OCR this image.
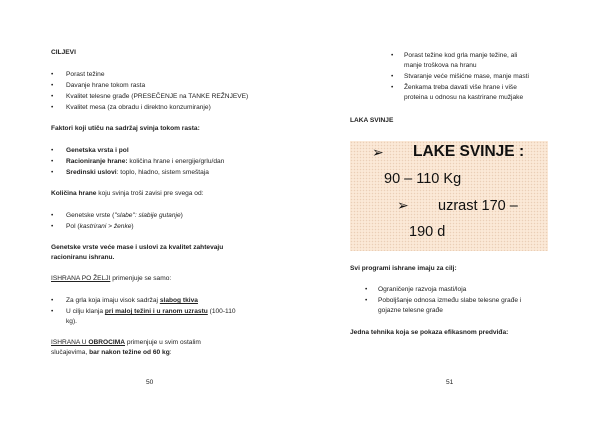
CILJEVI
• Porast težine
• Davanje hrane tokom rasta
• Kvalitet telesne građe (PRESEČENJE na TANKE REŽNJEVE)
• Kvalitet mesa (za obradu i direktno konzumiranje)
Faktori koji utiču na sadržaj svinja tokom rasta:
• Genetska vrsta i pol
• Racioniranje hrane: količina hrane i energije/grlu/dan
• Sredinski uslovi: toplo, hladno, sistem smeštaja
Količina hrane koju svinja troši zavisi pre svega od:
• Genetske vrste ("slabe": slabije gutanje)
• Pol (kastrirani > ženke)
Genetske vrste veće mase i uslovi za kvalitet zahtevaju
racioniranu ishranu.
ISHRANA PO ŽELJI primenjuje se samo:
• Za grla koja imaju visok sadržaj slabog tkiva
• U cilju klanja pri maloj težini i u ranom uzrastu (100-110
kg).
ISHRANA U OBROCIMA primenjuje u svim ostalim
slučajevima, bar nakon težine od 60 kg:
50
• Porast težine kod grla manje težine, ali
manje troškova na hranu
• Stvaranje veće mišićne mase, manje masti
• Ženkama treba davati više hrane i više
proteina u odnosu na kastrirane mužjake
LAKA SVINJE
➢ LAKE SVINJE :
90 – 110 Kg
➢ uzrast 170 –
190 d
Svi programi ishrane imaju za cilj:
• Ograničenje razvoja masti/loja
• Poboljšanje odnosa između slabe telesne građe i
gojazne telesne građe
Jedna tehnika koja se pokaza efikasnom predviđa:
51
